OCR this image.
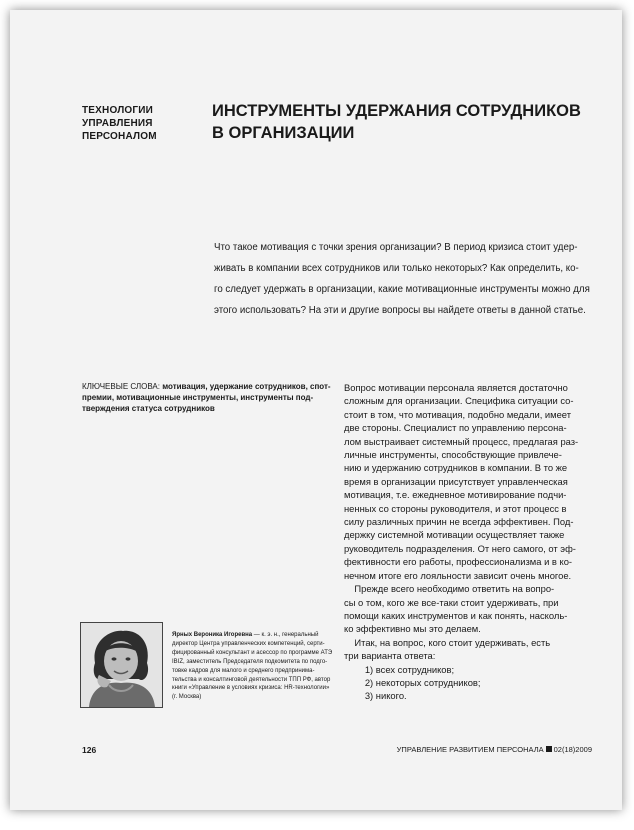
ТЕХНОЛОГИИ
УПРАВЛЕНИЯ
ПЕРСОНАЛОМ
ИНСТРУМЕНТЫ УДЕРЖАНИЯ СОТРУДНИКОВ
В ОРГАНИЗАЦИИ
Что такое мотивация с точки зрения организации? В период кризиса стоит удер-
живать в компании всех сотрудников или только некоторых? Как определить, ко-
го следует удержать в организации, какие мотивационные инструменты можно для
этого использовать? На эти и другие вопросы вы найдете ответы в данной статье.
КЛЮЧЕВЫЕ СЛОВА: мотивация, удержание сотрудников, спот-
премии, мотивационные инструменты, инструменты под-
тверждения статуса сотрудников
Вопрос мотивации персонала является достаточно
сложным для организации. Специфика ситуации со-
стоит в том, что мотивация, подобно медали, имеет
две стороны. Специалист по управлению персона-
лом выстраивает системный процесс, предлагая раз-
личные инструменты, способствующие привлече-
нию и удержанию сотрудников в компании. В то же
время в организации присутствует управленческая
мотивация, т.е. ежедневное мотивирование подчи-
ненных со стороны руководителя, и этот процесс в
силу различных причин не всегда эффективен. Под-
держку системной мотивации осуществляет также
руководитель подразделения. От него самого, от эф-
фективности его работы, профессионализма и в ко-
нечном итоге его лояльности зависит очень многое.
Прежде всего необходимо ответить на вопро-
сы о том, кого же все-таки стоит удерживать, при
помощи каких инструментов и как понять, насколь-
ко эффективно мы это делаем.
Итак, на вопрос, кого стоит удерживать, есть
три варианта ответа:
1) всех сотрудников;
2) некоторых сотрудников;
3) никого.
Ярных Вероника Игоревна — к. э. н., генеральный
директор Центра управленческих компетенций, серти-
фицированный консультант и асессор по программе АТЭ
IBIZ, заместитель Председателя подкомитета по подго-
товке кадров для малого и среднего предпринима-
тельства и консалтинговой деятельности ТПП РФ, автор
книги «Управление в условиях кризиса: HR-технологии»
(г. Москва)
126	УПРАВЛЕНИЕ РАЗВИТИЕМ ПЕРСОНАЛА 02(18)2009
